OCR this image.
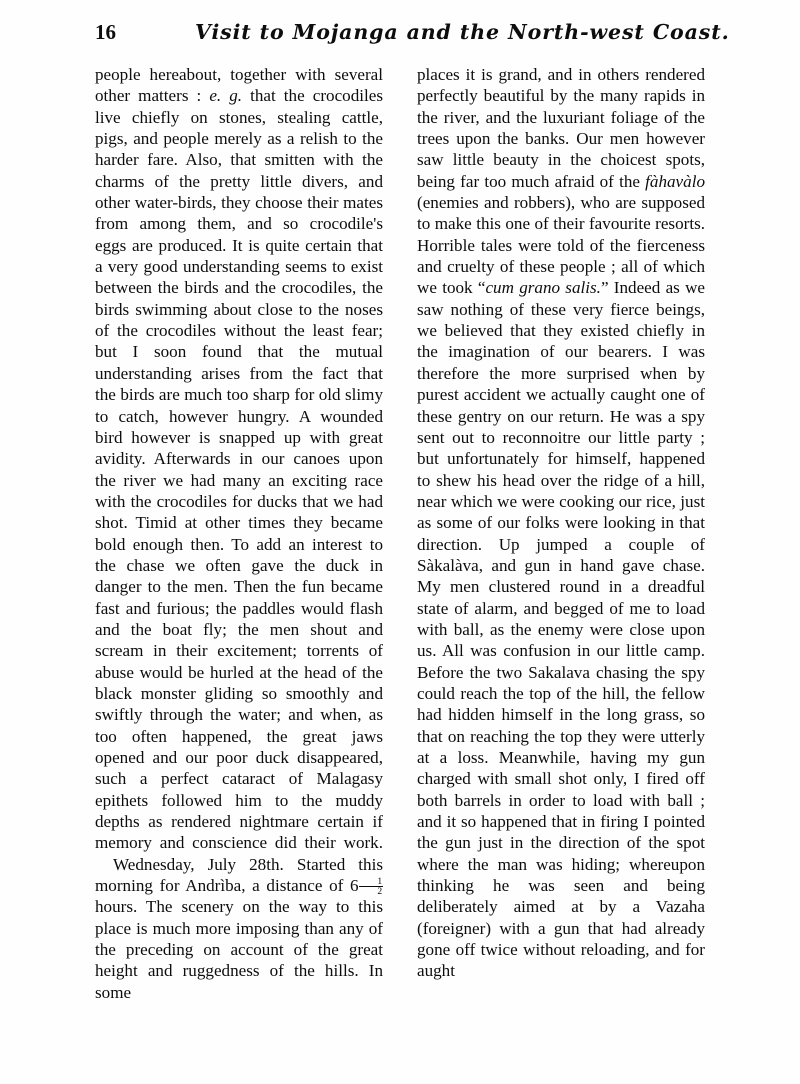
16	Visit to Mojanga and the North-west Coast.

people hereabout, together with several other matters : e. g. that the crocodiles live chiefly on stones, stealing cattle, pigs, and people merely as a relish to the harder fare. Also, that smitten with the charms of the pretty little divers, and other water-birds, they choose their mates from among them, and so crocodile's eggs are produced. It is quite certain that a very good understanding seems to exist between the birds and the crocodiles, the birds swimming about close to the noses of the crocodiles without the least fear; but I soon found that the mutual understanding arises from the fact that the birds are much too sharp for old slimy to catch, however hungry. A wounded bird however is snapped up with great avidity. Afterwards in our canoes upon the river we had many an exciting race with the crocodiles for ducks that we had shot. Timid at other times they became bold enough then. To add an interest to the chase we often gave the duck in danger to the men. Then the fun became fast and furious; the paddles would flash and the boat fly; the men shout and scream in their excitement; torrents of abuse would be hurled at the head of the black monster gliding so smoothly and swiftly through the water; and when, as too often happened, the great jaws opened and our poor duck disappeared, such a perfect cataract of Malagasy epithets followed him to the muddy depths as rendered nightmare certain if memory and conscience did their work.

Wednesday, July 28th. Started this morning for Andrìba, a distance of $6 \frac{1}{2}$
hours. The scenery on the way to this place is much more imposing than any of the preceding on account of the great height and ruggedness of the hills. In some

places it is grand, and in others rendered perfectly beautiful by the many rapids in the river, and the luxuriant foliage of the trees upon the banks. Our men however saw little beauty in the choicest spots, being far too much afraid of the fàhavàlo (enemies and robbers), who are supposed to make this one of their favourite resorts. Horrible tales were told of the fierceness and cruelty of these people ; all of which we took “cum grano salis.” Indeed as we saw nothing of these very fierce beings, we believed that they existed chiefly in the imagination of our bearers. I was therefore the more surprised when by purest accident we actually caught one of these gentry on our return. He was a spy sent out to reconnoitre our little party ; but unfortunately for himself, happened to shew his head over the ridge of a hill, near which we were cooking our rice, just as some of our folks were looking in that direction. Up jumped a couple of Sàkalàva, and gun in hand gave chase. My men clustered round in a dreadful state of alarm, and begged of me to load with ball, as the enemy were close upon us. All was confusion in our little camp. Before the two Sakalava chasing the spy could reach the top of the hill, the fellow had hidden himself in the long grass, so that on reaching the top they were utterly at a loss. Meanwhile, having my gun charged with small shot only, I fired off both barrels in order to load with ball ; and it so happened that in firing I pointed the gun just in the direction of the spot where the man was hiding; whereupon thinking he was seen and being deliberately aimed at by a Vazaha (foreigner) with a gun that had already gone off twice without reloading, and for aught
